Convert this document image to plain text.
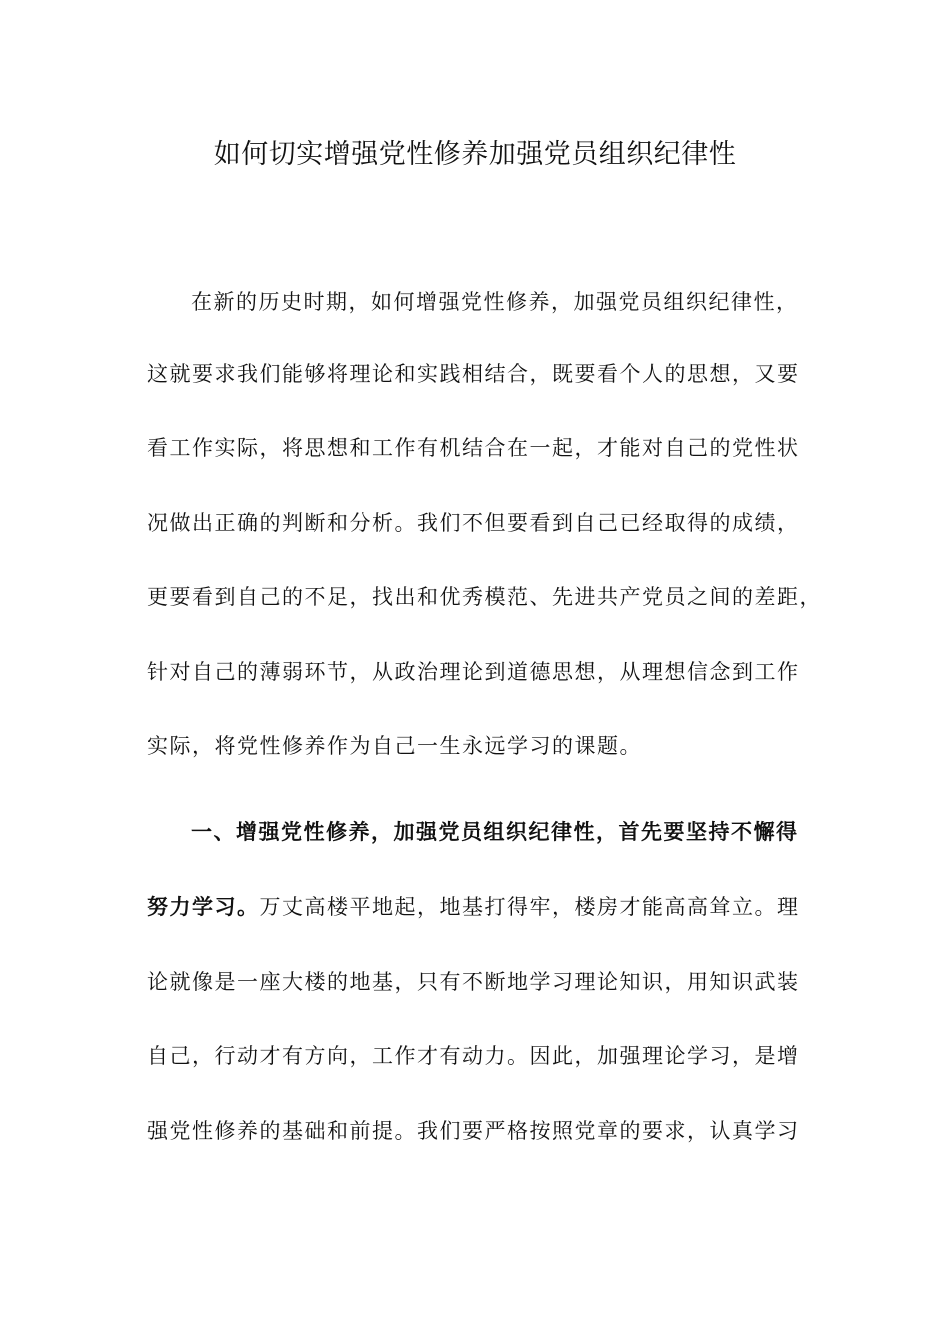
如何切实增强党性修养加强党员组织纪律性
在新的历史时期，如何增强党性修养，加强党员组织纪律性，
这就要求我们能够将理论和实践相结合，既要看个人的思想，又要
看工作实际，将思想和工作有机结合在一起，才能对自己的党性状
况做出正确的判断和分析。我们不但要看到自己已经取得的成绩，
更要看到自己的不足，找出和优秀模范、先进共产党员之间的差距，
针对自己的薄弱环节，从政治理论到道德思想，从理想信念到工作
实际，将党性修养作为自己一生永远学习的课题。
一、增强党性修养，加强党员组织纪律性，首先要坚持不懈得
努力学习。万丈高楼平地起，地基打得牢，楼房才能高高耸立。理
论就像是一座大楼的地基，只有不断地学习理论知识，用知识武装
自己，行动才有方向，工作才有动力。因此，加强理论学习，是增
强党性修养的基础和前提。我们要严格按照党章的要求，认真学习
